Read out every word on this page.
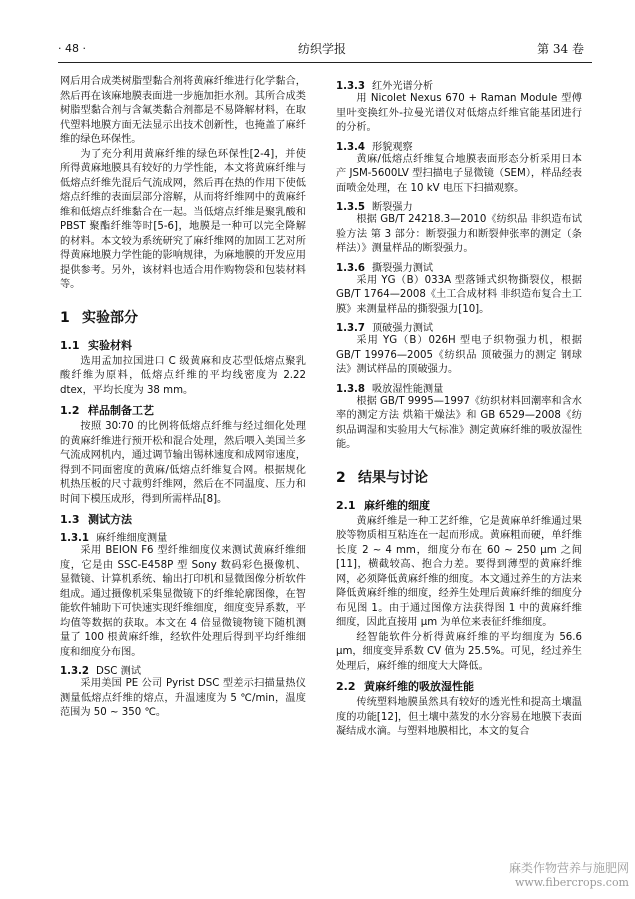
· 48 ·	纺织学报	第 34 卷

网后用合成类树脂型黏合剂将黄麻纤维进行化学黏合，然后再在该麻地膜表面进一步施加拒水剂。其所合成类树脂型黏合剂与含氟类黏合剂都是不易降解材料，在取代塑料地膜方面无法显示出技术创新性，也掩盖了麻纤维的绿色环保性。

为了充分利用黄麻纤维的绿色环保性[2-4]，并使所得黄麻地膜具有较好的力学性能，本文将黄麻纤维与低熔点纤维先混后气流成网，然后再在热的作用下使低熔点纤维的表面层部分溶解，从而将纤维网中的黄麻纤维和低熔点纤维黏合在一起。当低熔点纤维是聚乳酸和 PBST 聚酯纤维等时[5-6]，地膜是一种可以完全降解的材料。本文较为系统研究了麻纤维网的加固工艺对所得黄麻地膜力学性能的影响规律，为麻地膜的开发应用提供参考。另外，该材料也适合用作购物袋和包装材料等。

1 实验部分
1.1 实验材料

选用孟加拉国进口 C 级黄麻和皮芯型低熔点聚乳酸纤维为原料，低熔点纤维的平均线密度为 2.22 dtex，平均长度为 38 mm。

1.2 样品制备工艺

按照 30∶70 的比例将低熔点纤维与经过细化处理的黄麻纤维进行预开松和混合处理，然后喂入美国兰多气流成网机内，通过调节输出锡林速度和成网帘速度，得到不同面密度的黄麻/低熔点纤维复合网。根据规化机热压板的尺寸裁剪纤维网，然后在不同温度、压力和时间下模压成形，得到所需样品[8]。

1.3 测试方法
1.3.1 麻纤维细度测量

采用 BEION F6 型纤维细度仪来测试黄麻纤维细度，它是由 SSC-E458P 型 Sony 数码彩色摄像机、显微镜、计算机系统、输出打印机和显微图像分析软件组成。通过摄像机采集显微镜下的纤维轮廓图像，在智能软件辅助下可快速实现纤维细度，细度变异系数，平均值等数据的获取。本文在 4 倍显微镜物镜下随机测量了 100 根黄麻纤维，经软件处理后得到平均纤维细度和细度分布图。

1.3.2 DSC 测试

采用美国 PE 公司 Pyrist DSC 型差示扫描量热仪测量低熔点纤维的熔点，升温速度为 5 ℃/min，温度范围为 50 ~ 350 ℃。

1.3.3 红外光谱分析

用 Nicolet Nexus 670 + Raman Module 型傅里叶变换红外-拉曼光谱仪对低熔点纤维官能基团进行的分析。

1.3.4 形貌观察

黄麻/低熔点纤维复合地膜表面形态分析采用日本产 JSM-5600LV 型扫描电子显微镜（SEM），样品经表面喷金处理，在 10 kV 电压下扫描观察。

1.3.5 断裂强力

根据 GB/T 24218.3—2010《纺织品 非织造布试验方法 第 3 部分：断裂强力和断裂伸张率的测定（条样法）》测量样品的断裂强力。

1.3.6 撕裂强力测试

采用 YG（B）033A 型落锤式织物撕裂仪，根据 GB/T 1764—2008《土工合成材料 非织造布复合土工膜》来测量样品的撕裂强力[10]。

1.3.7 顶破强力测试

采用 YG（B）026H 型电子织物强力机，根据 GB/T 19976—2005《纺织品 顶破强力的测定 钢球法》测试样品的顶破强力。

1.3.8 吸放湿性能测量

根据 GB/T 9995—1997《纺织材料回潮率和含水率的测定方法 烘箱干燥法》和 GB 6529—2008《纺织品调湿和实验用大气标准》测定黄麻纤维的吸放湿性能。

2 结果与讨论
2.1 麻纤维的细度

黄麻纤维是一种工艺纤维，它是黄麻单纤维通过果胶等物质相互粘连在一起而形成。黄麻粗而硬，单纤维长度 2 ~ 4 mm，细度分布在 60 ~ 250 μm 之间[11]，横截较高、抱合力差。要得到薄型的黄麻纤维网，必须降低黄麻纤维的细度。本文通过养生的方法来降低黄麻纤维的细度，经养生处理后黄麻纤维的细度分布见图 1。由于通过图像方法获得图 1 中的黄麻纤维细度，因此直接用 μm 为单位来表征纤维细度。

经智能软件分析得黄麻纤维的平均细度为 56.6 μm，细度变异系数 CV 值为 25.5%。可见，经过养生处理后，麻纤维的细度大大降低。

2.2 黄麻纤维的吸放湿性能

传统塑料地膜虽然具有较好的透光性和提高土壤温度的功能[12]，但土壤中蒸发的水分容易在地膜下表面凝结成水滴。与塑料地膜相比，本文的复合

麻类作物营养与施肥网
www.fibercrops.com
